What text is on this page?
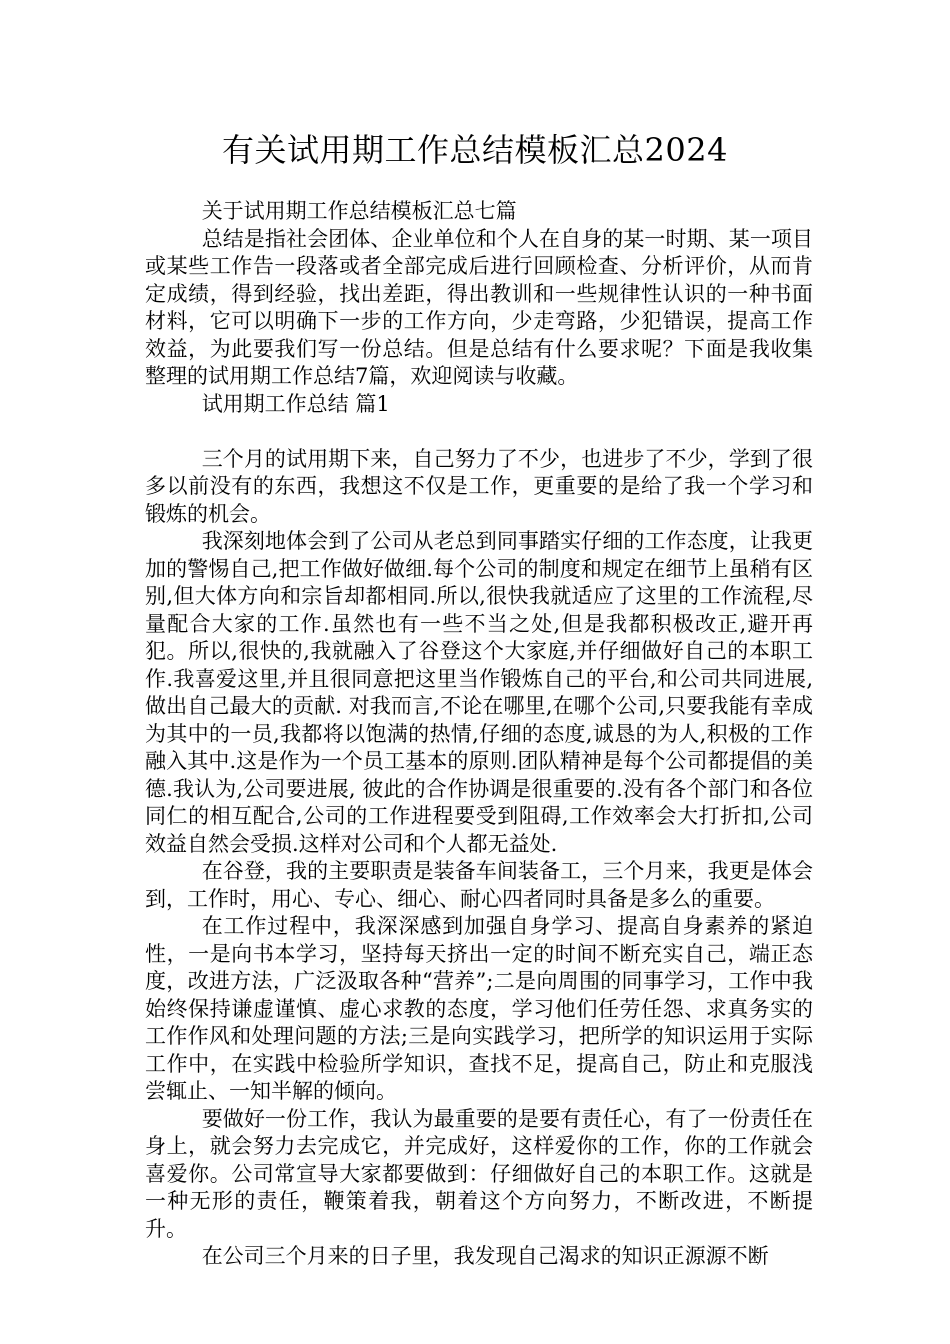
有关试用期工作总结模板汇总2024

关于试用期工作总结模板汇总七篇

总结是指社会团体、企业单位和个人在自身的某一时期、某一项目或某些工作告一段落或者全部完成后进行回顾检查、分析评价，从而肯定成绩，得到经验，找出差距，得出教训和一些规律性认识的一种书面材料，它可以明确下一步的工作方向，少走弯路，少犯错误，提高工作效益，为此要我们写一份总结。但是总结有什么要求呢？下面是我收集整理的试用期工作总结7篇，欢迎阅读与收藏。

试用期工作总结 篇1

三个月的试用期下来，自己努力了不少，也进步了不少，学到了很多以前没有的东西，我想这不仅是工作，更重要的是给了我一个学习和锻炼的机会。

我深刻地体会到了公司从老总到同事踏实仔细的工作态度，让我更加的警惕自己,把工作做好做细.每个公司的制度和规定在细节上虽稍有区别,但大体方向和宗旨却都相同.所以,很快我就适应了这里的工作流程,尽量配合大家的工作.虽然也有一些不当之处,但是我都积极改正,避开再犯。所以,很快的,我就融入了谷登这个大家庭,并仔细做好自己的本职工作.我喜爱这里,并且很同意把这里当作锻炼自己的平台,和公司共同进展,做出自己最大的贡献. 对我而言,不论在哪里,在哪个公司,只要我能有幸成为其中的一员,我都将以饱满的热情,仔细的态度,诚恳的为人,积极的工作融入其中.这是作为一个员工基本的原则.团队精神是每个公司都提倡的美德.我认为,公司要进展, 彼此的合作协调是很重要的.没有各个部门和各位同仁的相互配合,公司的工作进程要受到阻碍,工作效率会大打折扣,公司效益自然会受损.这样对公司和个人都无益处.

在谷登，我的主要职责是装备车间装备工，三个月来，我更是体会到，工作时，用心、专心、细心、耐心四者同时具备是多么的重要。

在工作过程中，我深深感到加强自身学习、提高自身素养的紧迫性，一是向书本学习，坚持每天挤出一定的时间不断充实自己，端正态度，改进方法，广泛汲取各种“营养”;二是向周围的同事学习，工作中我始终保持谦虚谨慎、虚心求教的态度，学习他们任劳任怨、求真务实的工作作风和处理问题的方法;三是向实践学习，把所学的知识运用于实际工作中，在实践中检验所学知识，查找不足，提高自己，防止和克服浅尝辄止、一知半解的倾向。

要做好一份工作，我认为最重要的是要有责任心，有了一份责任在身上，就会努力去完成它，并完成好，这样爱你的工作，你的工作就会喜爱你。公司常宣导大家都要做到：仔细做好自己的本职工作。这就是一种无形的责任，鞭策着我，朝着这个方向努力，不断改进，不断提升。

在公司三个月来的日子里，我发现自己渴求的知识正源源不断
